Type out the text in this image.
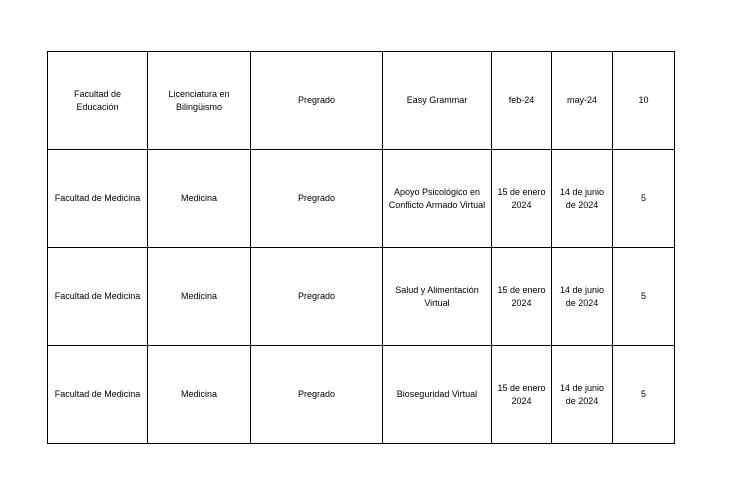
Facultad de Educación	Licenciatura en Bilingüismo	Pregrado	Easy Grammar	feb-24	may-24	10
Facultad de Medicina	Medicina	Pregrado	Apoyo Psicológico en Conflicto Armado Virtual	15 de enero 2024	14 de junio de 2024	5
Facultad de Medicina	Medicina	Pregrado	Salud y Alimentación Virtual	15 de enero 2024	14 de junio de 2024	5
Facultad de Medicina	Medicina	Pregrado	Bioseguridad Virtual	15 de enero 2024	14 de junio de 2024	5
